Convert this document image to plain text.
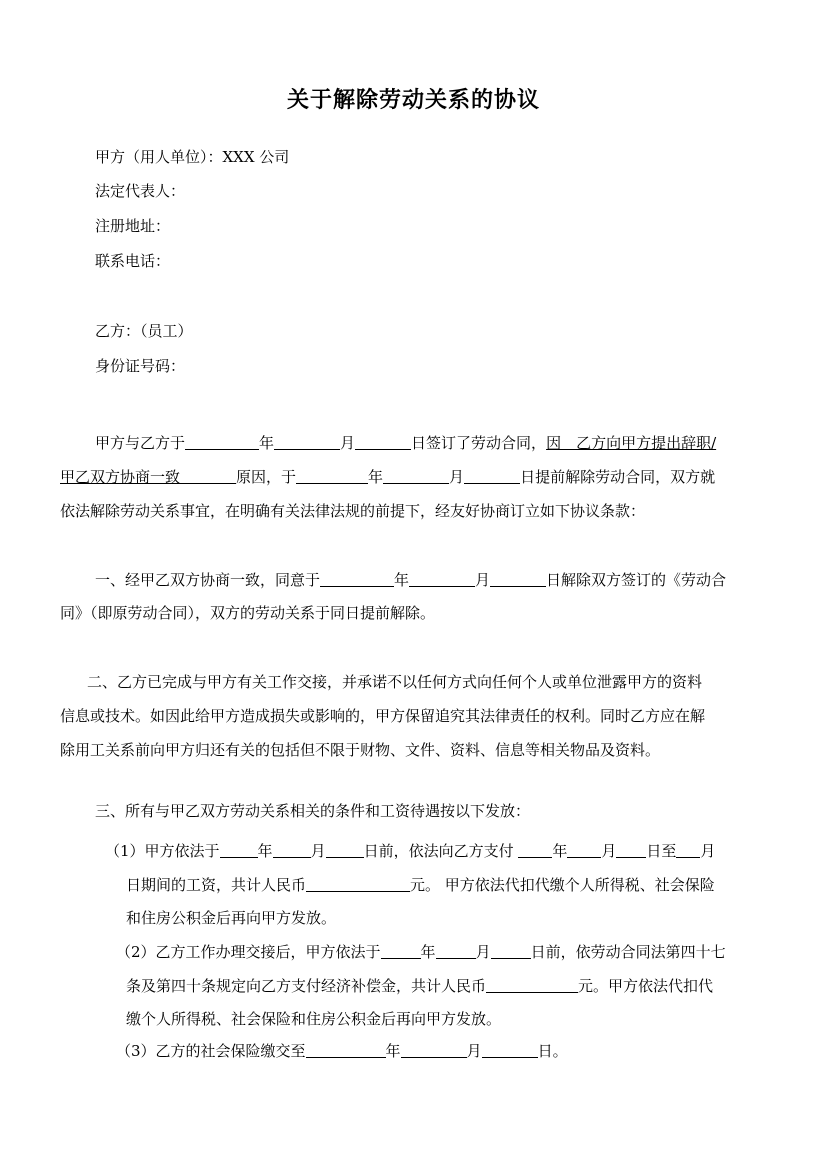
关于解除劳动关系的协议
甲方（用人单位）：XXX 公司
法定代表人：
注册地址：
联系电话：
乙方：（员工）
身份证号码：
甲方与乙方于	年	月	日签订了劳动合同，因　乙方向甲方提出辞职/
甲乙双方协商一致	原因，于	年	月	日提前解除劳动合同，双方就
依法解除劳动关系事宜，在明确有关法律法规的前提下，经友好协商订立如下协议条款：
一、经甲乙双方协商一致，同意于	年	月	日解除双方签订的《劳动合
同》（即原劳动合同），双方的劳动关系于同日提前解除。
二、乙方已完成与甲方有关工作交接，并承诺不以任何方式向任何个人或单位泄露甲方的资料
信息或技术。如因此给甲方造成损失或影响的，甲方保留追究其法律责任的权利。同时乙方应在解
除用工关系前向甲方归还有关的包括但不限于财物、文件、资料、信息等相关物品及资料。
三、所有与甲乙双方劳动关系相关的条件和工资待遇按以下发放：
（1）甲方依法于	年	月	日前，依法向乙方支付	年 月 日至 月
日期间的工资，共计人民币	元。 甲方依法代扣代缴个人所得税、社会保险
和住房公积金后再向甲方发放。
（2）乙方工作办理交接后，甲方依法于	年	月	日前，依劳动合同法第四十七
条及第四十条规定向乙方支付经济补偿金，共计人民币	元。甲方依法代扣代
缴个人所得税、社会保险和住房公积金后再向甲方发放。
（3）乙方的社会保险缴交至	年	月	日。
